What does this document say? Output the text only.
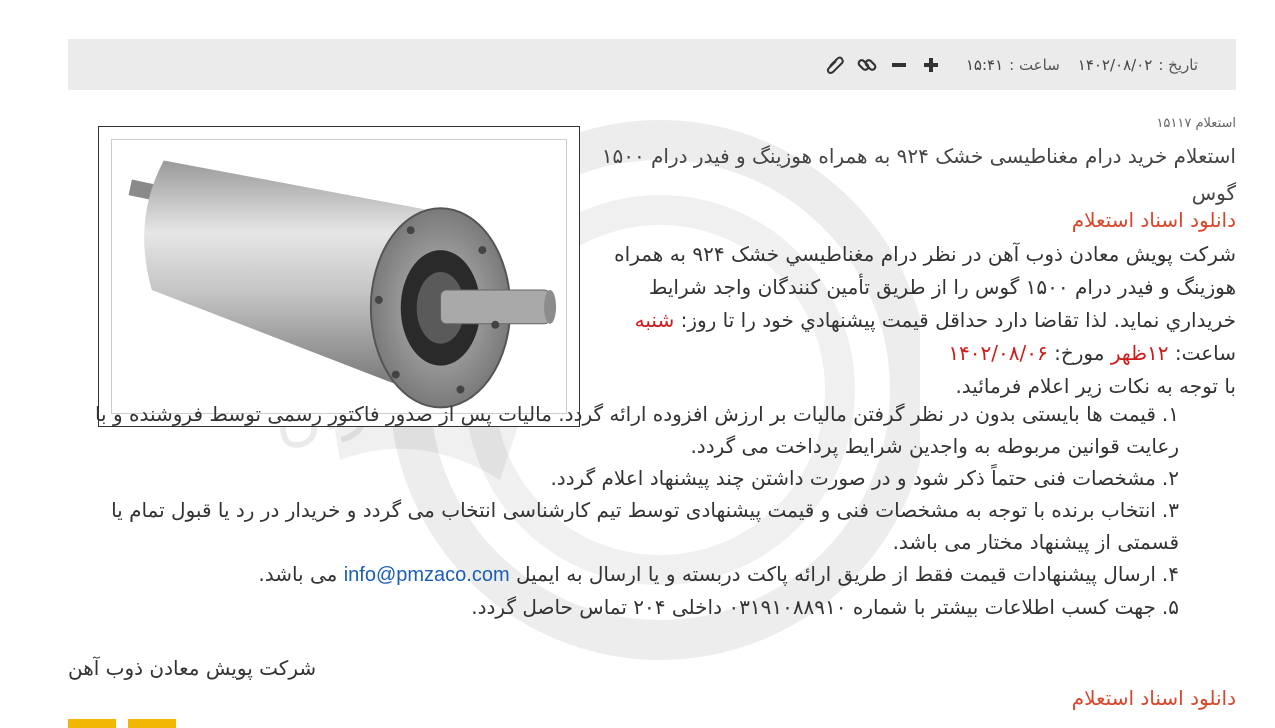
تاریخ :
۱۴۰۲/۰۸/۰۲
ساعت :
۱۵:۴۱
استعلام ۱۵۱۱۷
استعلام خرید درام مغناطیسی خشک ۹۲۴ به همراه هوزینگ و فیدر درام ۱۵۰۰ گوس
دانلود اسناد استعلام
شرکت پویش معادن ذوب آهن در نظر درام مغناطيسي خشک ۹۲۴ به همراه هوزينگ و فيدر درام ۱۵۰۰ گوس را از طريق تأمين کنندگان واجد شرايط خريداري نمايد. لذا تقاضا دارد حداقل قيمت پيشنهادي خود را تا روز: شنبه ساعت: ۱۲ظهر مورخ: ۱۴۰۲/۰۸/۰۶
با توجه به نکات زیر اعلام فرمائید.
۱.قیمت ها بایستی بدون در نظر گرفتن مالیات بر ارزش افزوده ارائه گردد. مالیات پس از صدور فاکتور رسمی توسط فروشنده و با رعایت قوانین مربوطه به واجدین شرایط پرداخت می گردد.
۲.مشخصات فنی حتماً ذکر شود و در صورت داشتن چند پیشنهاد اعلام گردد.
۳.انتخاب برنده با توجه به مشخصات فنی و قیمت پیشنهادی توسط تیم کارشناسی انتخاب می گردد و خریدار در رد یا قبول تمام یا قسمتی از پیشنهاد مختار می باشد.
۴.ارسال پیشنهادات قیمت فقط از طریق ارائه پاکت دربسته و یا ارسال به ایمیل info@pmzaco.com می باشد.
۵.جهت کسب اطلاعات بیشتر با شماره ۰۳۱۹۱۰۸۸۹۱۰ داخلی ۲۰۴ تماس حاصل گردد.
شرکت پویش معادن ذوب آهن
دانلود اسناد استعلام
